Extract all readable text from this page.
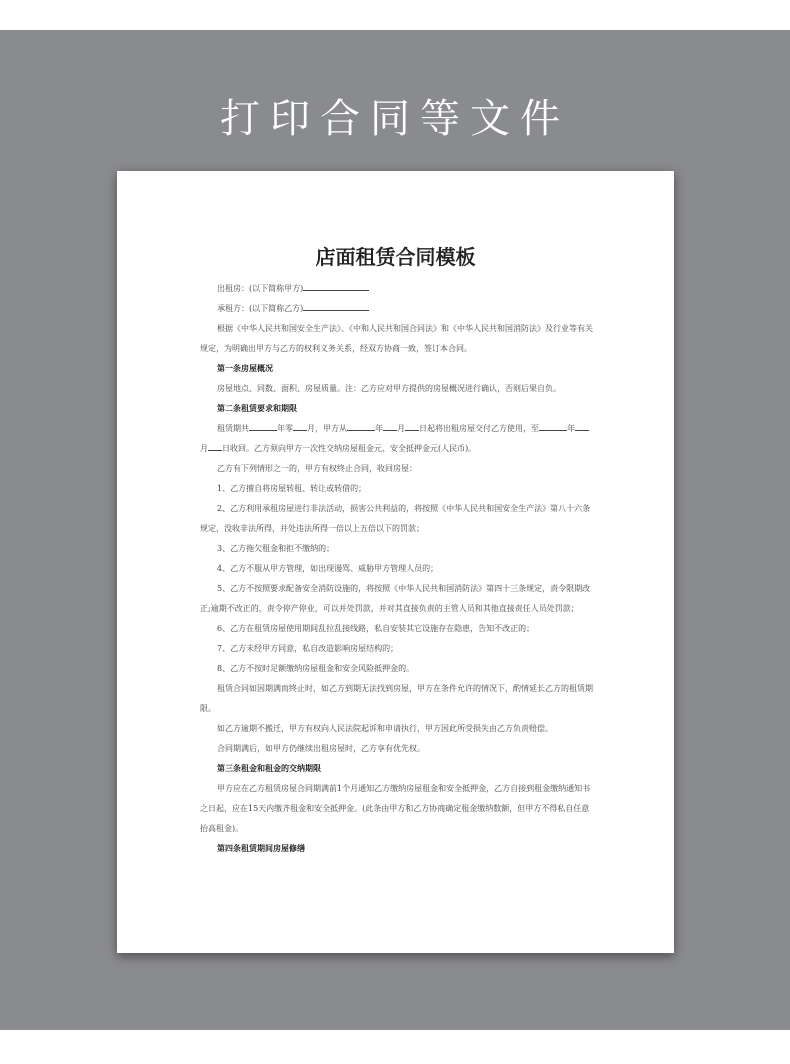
打印合同等文件
店面租赁合同模板

出租房：(以下简称甲方)

承租方：(以下简称乙方)

根据《中华人民共和国安全生产法》、《中和人民共和国合同法》和《中华人民共和国消防法》及行业等有关规定，为明确出甲方与乙方的权利义务关系，经双方协商一致，签订本合同。

第一条房屋概况

房屋地点、同数、面积、房屋质量。注：乙方应对甲方提供的房屋概况进行确认，否则后果自负。

第二条租赁要求和期限

租赁期共	年零 月，甲方从	年 月 日起将出租房屋交付乙方使用，至	年月 日收回。乙方须向甲方一次性交纳房屋租金元、安全抵押金元(人民币)。

乙方有下列情形之一的，甲方有权终止合同，收回房屋：

1、乙方擅自将房屋转租、转让或转借的；

2、乙方利用承租房屋进行非法活动，损害公共利益的，将按照《中华人民共和国安全生产法》第八十六条规定，没收非法所得，并处违法所得一倍以上五倍以下的罚款；

3、乙方拖欠租金和拒不缴纳的；

4、乙方不服从甲方管理，如出现谩骂、威胁甲方管理人员的；

5、乙方不按照要求配备安全消防设施的，将按照《中华人民共和国消防法》第四十三条规定，责令限期改正;逾期不改正的，责令停产停业，可以并处罚款，并对其直接负责的主管人员和其他直接责任人员处罚款；

6、乙方在租赁房屋使用期间乱拉乱接线路，私自安装其它设施存在隐患，告知不改正的；

7、乙方未经甲方同意，私自改造影响房屋结构的；

8、乙方不按时足额缴纳房屋租金和安全风险抵押金的。

租赁合同如因期满而终止时，如乙方到期无法找到房屋，甲方在条件允许的情况下，酌情延长乙方的租赁期限。

如乙方逾期不搬迁，甲方有权向人民法院起诉和申请执行，甲方因此所受损失由乙方负责赔偿。

合同期满后，如甲方仍继续出租房屋时，乙方享有优先权。

第三条租金和租金的交纳期限

甲方应在乙方租赁房屋合同期满前1个月通知乙方缴纳房屋租金和安全抵押金，乙方自接到租金缴纳通知书之日起，应在15天内缴齐租金和安全抵押金。(此条由甲方和乙方协商确定租金缴纳数额，但甲方不得私自任意抬高租金)。

第四条租赁期间房屋修缮
